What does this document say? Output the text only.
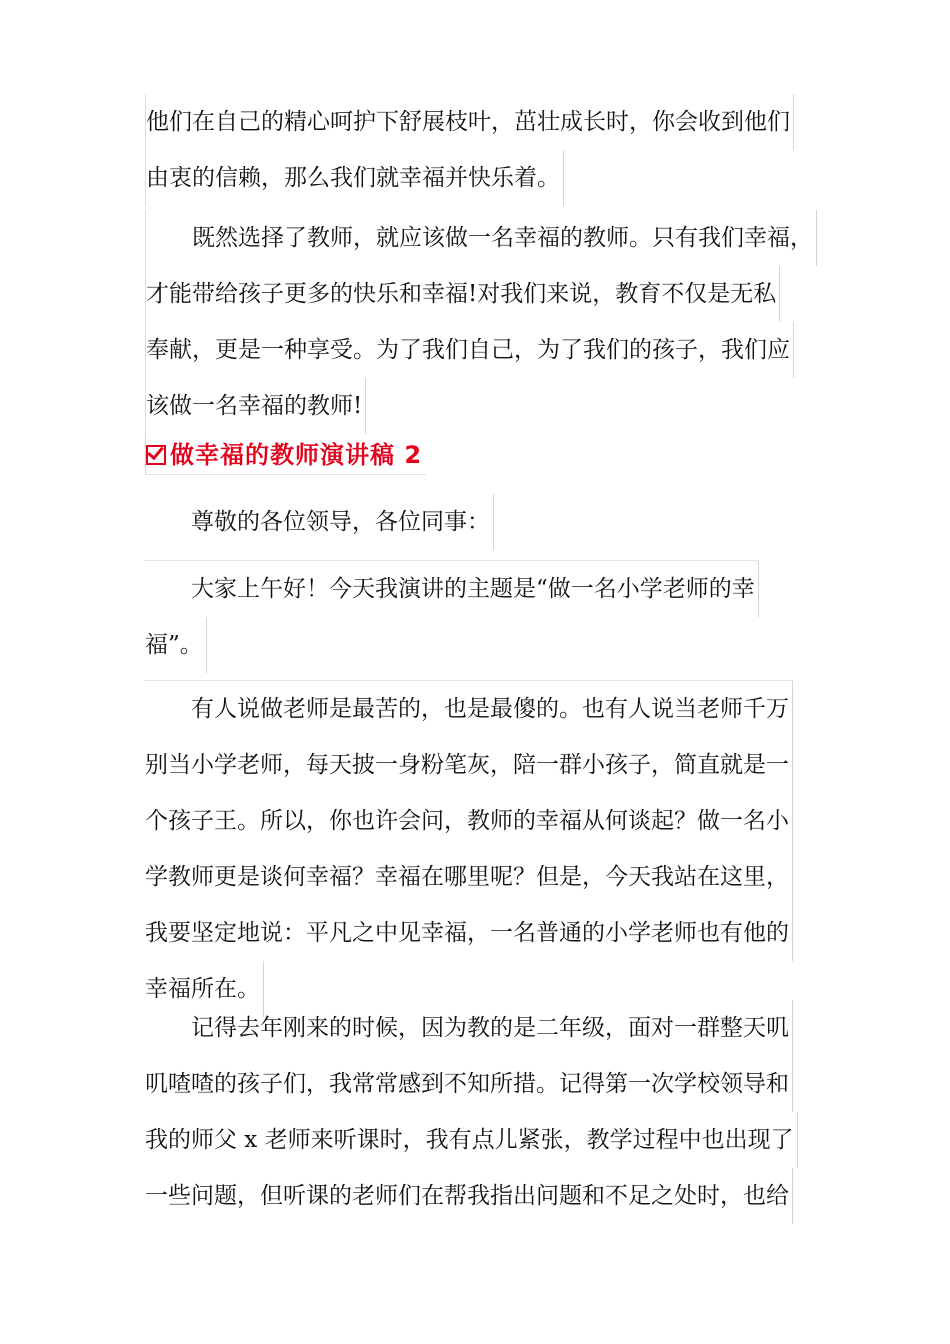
他们在自己的精心呵护下舒展枝叶，茁壮成长时，你会收到他们
由衷的信赖，那么我们就幸福并快乐着。
既然选择了教师，就应该做一名幸福的教师。只有我们幸福，
才能带给孩子更多的快乐和幸福!对我们来说，教育不仅是无私
奉献，更是一种享受。为了我们自己，为了我们的孩子，我们应
该做一名幸福的教师!
做幸福的教师演讲稿 2
尊敬的各位领导，各位同事：
大家上午好！今天我演讲的主题是“做一名小学老师的幸
福”。
有人说做老师是最苦的，也是最傻的。也有人说当老师千万
别当小学老师，每天披一身粉笔灰，陪一群小孩子，简直就是一
个孩子王。所以，你也许会问，教师的幸福从何谈起？做一名小
学教师更是谈何幸福？幸福在哪里呢？但是，今天我站在这里，
我要坚定地说：平凡之中见幸福，一名普通的小学老师也有他的
幸福所在。
记得去年刚来的时候，因为教的是二年级，面对一群整天叽
叽喳喳的孩子们，我常常感到不知所措。记得第一次学校领导和
我的师父 x 老师来听课时，我有点儿紧张，教学过程中也出现了
一些问题，但听课的老师们在帮我指出问题和不足之处时，也给
